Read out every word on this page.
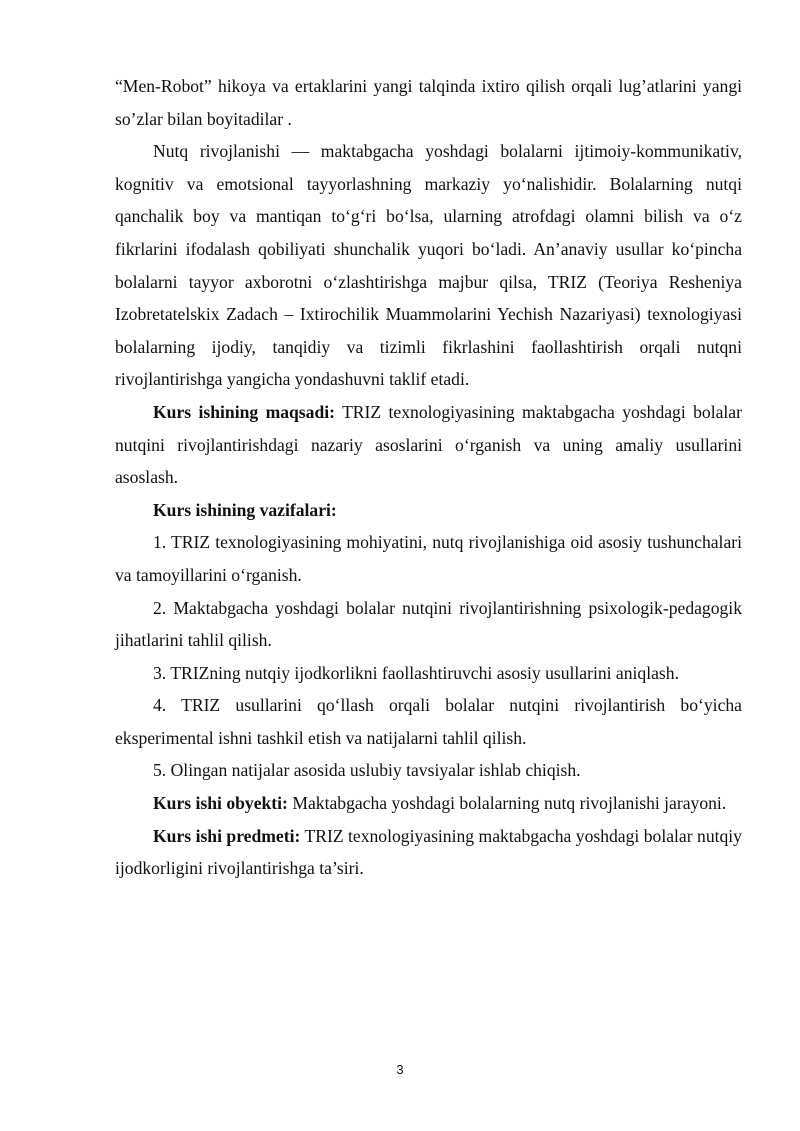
“Men-Robot” hikoya va ertaklarini yangi talqinda ixtiro qilish orqali lug’atlarini yangi so’zlar bilan boyitadilar .

Nutq rivojlanishi — maktabgacha yoshdagi bolalarni ijtimoiy-kommunikativ, kognitiv va emotsional tayyorlashning markaziy yo‘nalishidir. Bolalarning nutqi qanchalik boy va mantiqan to‘g‘ri bo‘lsa, ularning atrofdagi olamni bilish va o‘z fikrlarini ifodalash qobiliyati shunchalik yuqori bo‘ladi. An’anaviy usullar ko‘pincha bolalarni tayyor axborotni o‘zlashtirishga majbur qilsa, TRIZ (Teoriya Resheniya Izobretatelskix Zadach – Ixtirochilik Muammolarini Yechish Nazariyasi) texnologiyasi bolalarning ijodiy, tanqidiy va tizimli fikrlashini faollashtirish orqali nutqni rivojlantirishga yangicha yondashuvni taklif etadi.

Kurs ishining maqsadi: TRIZ texnologiyasining maktabgacha yoshdagi bolalar nutqini rivojlantirishdagi nazariy asoslarini o‘rganish va uning amaliy usullarini asoslash.

Kurs ishining vazifalari:

1. TRIZ texnologiyasining mohiyatini, nutq rivojlanishiga oid asosiy tushunchalari va tamoyillarini o‘rganish.

2. Maktabgacha yoshdagi bolalar nutqini rivojlantirishning psixologik-pedagogik jihatlarini tahlil qilish.

3. TRIZning nutqiy ijodkorlikni faollashtiruvchi asosiy usullarini aniqlash.

4. TRIZ usullarini qo‘llash orqali bolalar nutqini rivojlantirish bo‘yicha eksperimental ishni tashkil etish va natijalarni tahlil qilish.

5. Olingan natijalar asosida uslubiy tavsiyalar ishlab chiqish.

Kurs ishi obyekti: Maktabgacha yoshdagi bolalarning nutq rivojlanishi jarayoni.

Kurs ishi predmeti: TRIZ texnologiyasining maktabgacha yoshdagi bolalar nutqiy ijodkorligini rivojlantirishga ta’siri.

3
